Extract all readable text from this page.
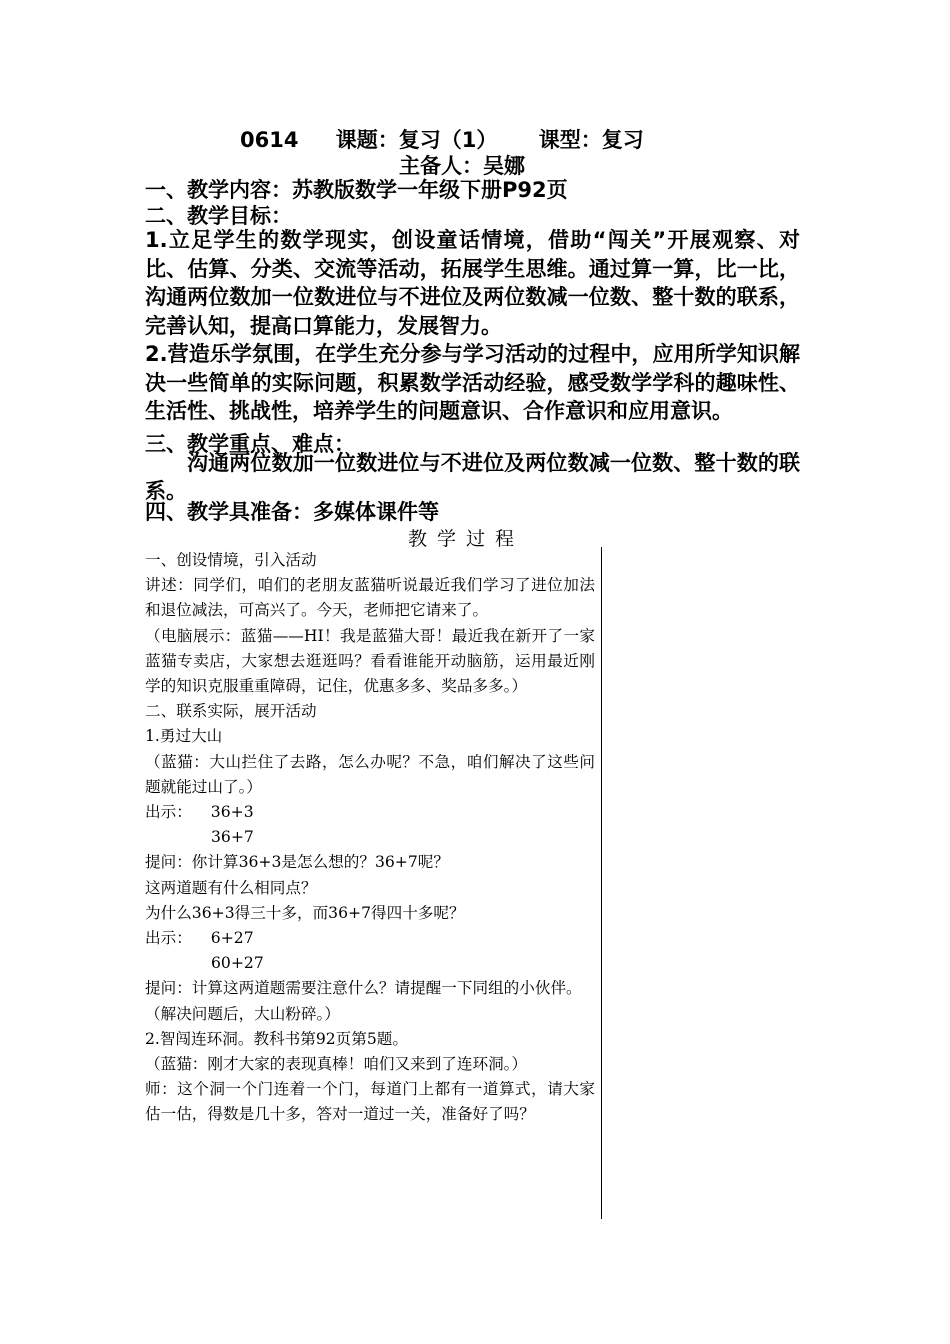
0614 课题：复习（1） 课型：复习
主备人：吴娜
一、教学内容：苏教版数学一年级下册P92页
二、教学目标：

1.立足学生的数学现实，创设童话情境，借助“闯关”开展观察、对比、估算、分类、交流等活动，拓展学生思维。通过算一算，比一比，沟通两位数加一位数进位与不进位及两位数减一位数、整十数的联系，完善认知，提高口算能力，发展智力。

2.营造乐学氛围，在学生充分参与学习活动的过程中，应用所学知识解决一些简单的实际问题，积累数学活动经验，感受数学学科的趣味性、生活性、挑战性，培养学生的问题意识、合作意识和应用意识。

三、教学重点、难点：
沟通两位数加一位数进位与不进位及两位数减一位数、整十数的联系。
四、教学具准备：多媒体课件等
教学过程
一、创设情境，引入活动
讲述：同学们，咱们的老朋友蓝猫听说最近我们学习了进位加法和退位减法，可高兴了。今天，老师把它请来了。
（电脑展示：蓝猫——HI！我是蓝猫大哥！最近我在新开了一家蓝猫专卖店，大家想去逛逛吗？看看谁能开动脑筋，运用最近刚学的知识克服重重障碍，记住，优惠多多、奖品多多。）
二、联系实际，展开活动
1.勇过大山
（蓝猫：大山拦住了去路，怎么办呢？不急，咱们解决了这些问题就能过山了。）
出示： 36+3
36+7
提问：你计算36+3是怎么想的？36+7呢？
这两道题有什么相同点？
为什么36+3得三十多，而36+7得四十多呢？
出示： 6+27
60+27
提问：计算这两道题需要注意什么？请提醒一下同组的小伙伴。
（解决问题后，大山粉碎。）
2.智闯连环洞。教科书第92页第5题。
（蓝猫：刚才大家的表现真棒！咱们又来到了连环洞。）
师：这个洞一个门连着一个门，每道门上都有一道算式，请大家估一估，得数是几十多，答对一道过一关，准备好了吗？
